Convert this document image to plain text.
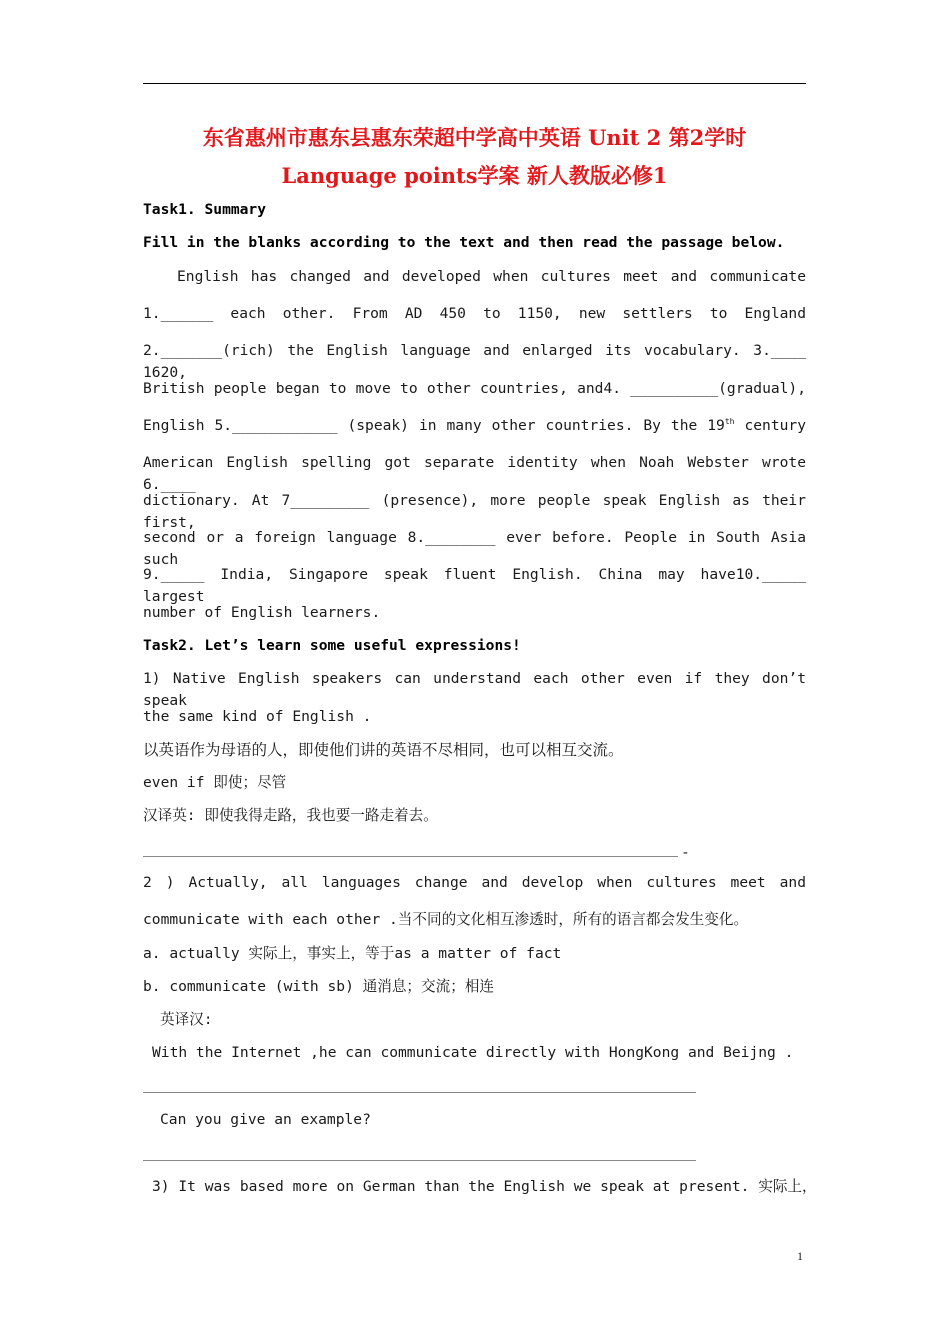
东省惠州市惠东县惠东荣超中学高中英语 Unit 2 第2学时
Language points学案 新人教版必修1
Task1. Summary
Fill in the blanks according to the text and then read the passage below.
English has changed and developed when cultures meet and communicate
1.______ each other. From AD 450 to 1150, new settlers to England
2._______(rich) the English language and enlarged its vocabulary. 3.____ 1620,
British people began to move to other countries, and4. __________(gradual),
English 5.____________ (speak) in many other countries. By the 19th century
American English spelling got separate identity when Noah Webster wrote 6.____
dictionary. At 7_________ (presence), more people speak English as their first,
second or a foreign language 8.________ ever before. People in South Asia such
9._____ India, Singapore speak fluent English. China may have10._____ largest
number of English learners.
Task2. Let’s learn some useful expressions!
1) Native English speakers can understand each other even if they don’t speak
the same kind of English .
以英语作为母语的人，即使他们讲的英语不尽相同，也可以相互交流。
even if 即使；尽管
汉译英: 即使我得走路，我也要一路走着去。
-
2 ) Actually, all languages change and develop when cultures meet and
communicate with each other .当不同的文化相互渗透时，所有的语言都会发生变化。
a. actually 实际上，事实上，等于as a matter of fact
b. communicate (with sb) 通消息；交流；相连
英译汉:
With the Internet ,he can communicate directly with HongKong and Beijng .
Can you give an example?
3) It was based more on German than the English we speak at present. 实际上，
1
